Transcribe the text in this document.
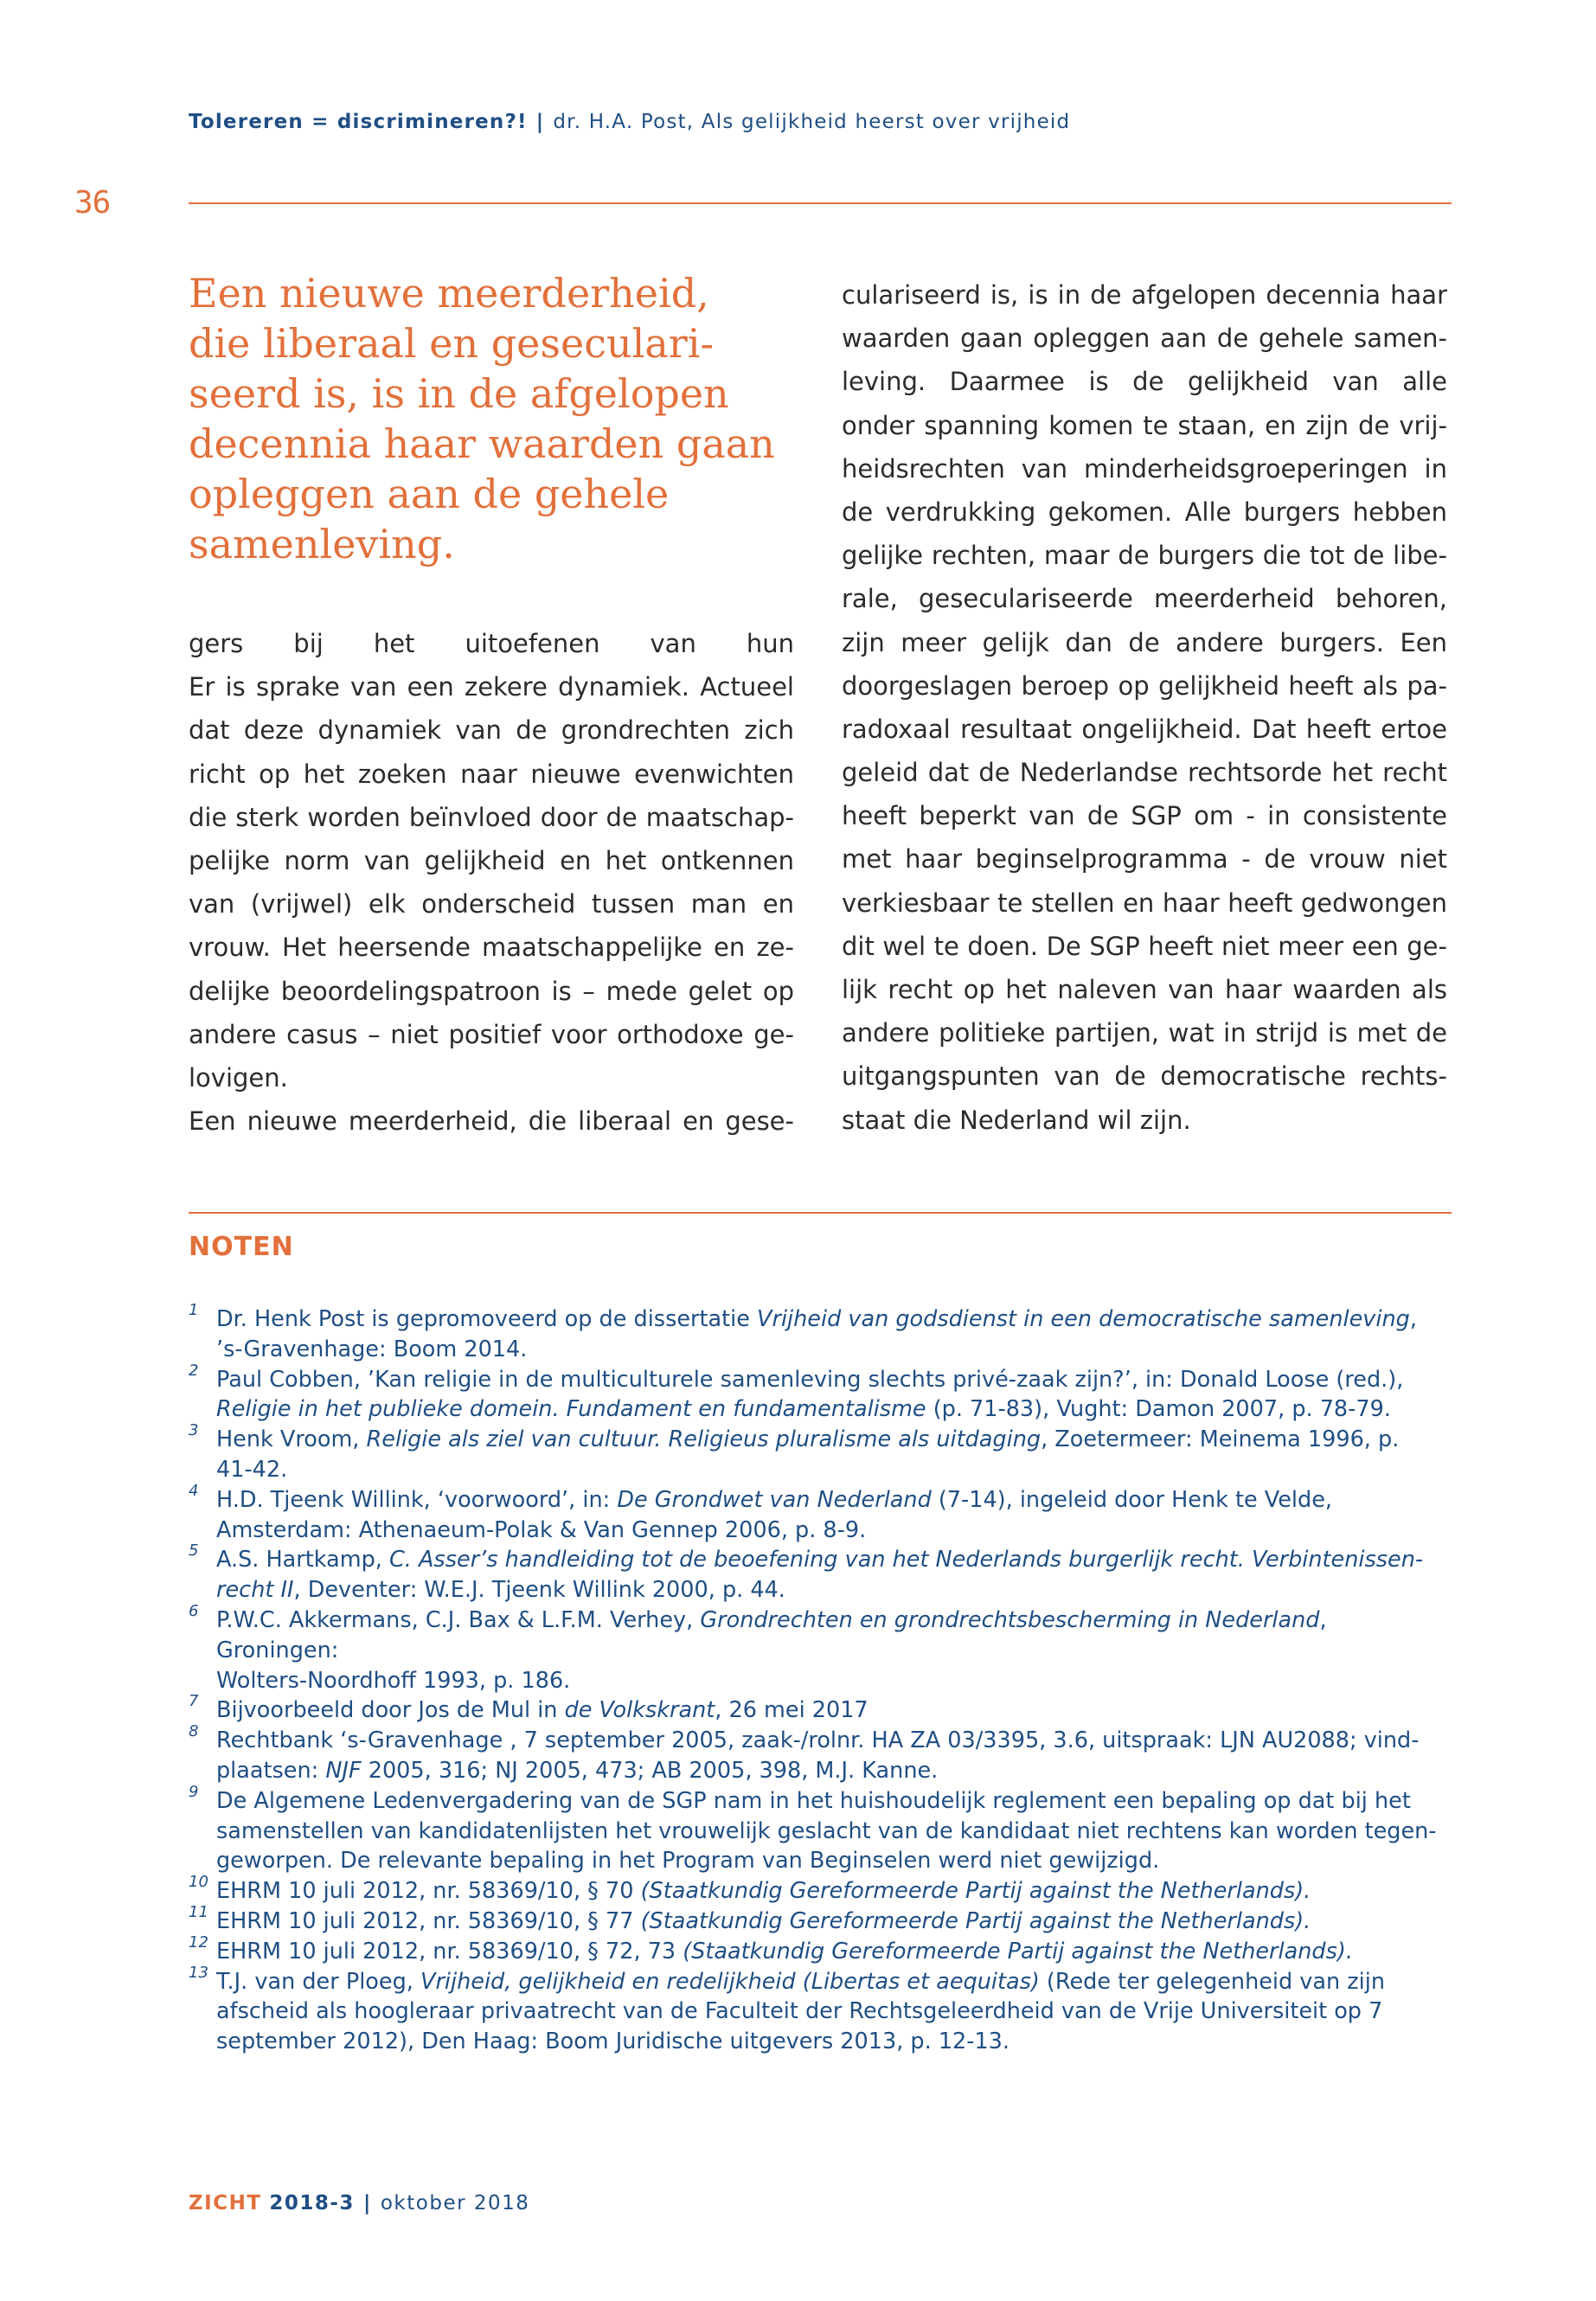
Tolereren = discrimineren?! | dr. H.A. Post, Als gelijkheid heerst over vrijheid
36
Een nieuwe meerderheid,
die liberaal en geseculari-
seerd is, is in de afgelopen
decennia haar waarden gaan
opleggen aan de gehele
samenleving.
gers bij het uitoefenen van hun
Er is sprake van een zekere dynamiek. Actueel
dat deze dynamiek van de grondrechten zich
richt op het zoeken naar nieuwe evenwichten
die sterk worden beïnvloed door de maatschap-
pelijke norm van gelijkheid en het ontkennen
van (vrijwel) elk onderscheid tussen man en
vrouw. Het heersende maatschappelijke en ze-
delijke beoordelingspatroon is – mede gelet op
andere casus – niet positief voor orthodoxe ge-
lovigen.
Een nieuwe meerderheid, die liberaal en gese-
culariseerd is, is in de afgelopen decennia haar
waarden gaan opleggen aan de gehele samen-
leving. Daarmee is de gelijkheid van alle
onder spanning komen te staan, en zijn de vrij-
heidsrechten van minderheidsgroeperingen in
de verdrukking gekomen. Alle burgers hebben
gelijke rechten, maar de burgers die tot de libe-
rale, geseculariseerde meerderheid behoren,
zijn meer gelijk dan de andere burgers. Een
doorgeslagen beroep op gelijkheid heeft als pa-
radoxaal resultaat ongelijkheid. Dat heeft ertoe
geleid dat de Nederlandse rechtsorde het recht
heeft beperkt van de SGP om - in consistente
met haar beginselprogramma - de vrouw niet
verkiesbaar te stellen en haar heeft gedwongen
dit wel te doen. De SGP heeft niet meer een ge-
lijk recht op het naleven van haar waarden als
andere politieke partijen, wat in strijd is met de
uitgangspunten van de democratische rechts-
staat die Nederland wil zijn.
NOTEN
1 Dr. Henk Post is gepromoveerd op de dissertatie Vrijheid van godsdienst in een democratische samenleving,
’s-Gravenhage: Boom 2014.
2 Paul Cobben, ’Kan religie in de multiculturele samenleving slechts privé-zaak zijn?’, in: Donald Loose (red.),
Religie in het publieke domein. Fundament en fundamentalisme (p. 71-83), Vught: Damon 2007, p. 78-79.
3 Henk Vroom, Religie als ziel van cultuur. Religieus pluralisme als uitdaging, Zoetermeer: Meinema 1996, p.
41-42.
4 H.D. Tjeenk Willink, ‘voorwoord’, in: De Grondwet van Nederland (7-14), ingeleid door Henk te Velde,
Amsterdam: Athenaeum-Polak & Van Gennep 2006, p. 8-9.
5 A.S. Hartkamp, C. Asser’s handleiding tot de beoefening van het Nederlands burgerlijk recht. Verbintenissen-
recht II, Deventer: W.E.J. Tjeenk Willink 2000, p. 44.
6 P.W.C. Akkermans, C.J. Bax & L.F.M. Verhey, Grondrechten en grondrechtsbescherming in Nederland, Groningen:
Wolters-Noordhoff 1993, p. 186.
7 Bijvoorbeeld door Jos de Mul in de Volkskrant, 26 mei 2017
8 Rechtbank ‘s-Gravenhage , 7 september 2005, zaak-/rolnr. HA ZA 03/3395, 3.6, uitspraak: LJN AU2088; vind-
plaatsen: NJF 2005, 316; NJ 2005, 473; AB 2005, 398, M.J. Kanne.
9 De Algemene Ledenvergadering van de SGP nam in het huishoudelijk reglement een bepaling op dat bij het
samenstellen van kandidatenlijsten het vrouwelijk geslacht van de kandidaat niet rechtens kan worden tegen-
geworpen. De relevante bepaling in het Program van Beginselen werd niet gewijzigd.
10 EHRM 10 juli 2012, nr. 58369/10, § 70 (Staatkundig Gereformeerde Partij against the Netherlands).
11 EHRM 10 juli 2012, nr. 58369/10, § 77 (Staatkundig Gereformeerde Partij against the Netherlands).
12 EHRM 10 juli 2012, nr. 58369/10, § 72, 73 (Staatkundig Gereformeerde Partij against the Netherlands).
13 T.J. van der Ploeg, Vrijheid, gelijkheid en redelijkheid (Libertas et aequitas) (Rede ter gelegenheid van zijn
afscheid als hoogleraar privaatrecht van de Faculteit der Rechtsgeleerdheid van de Vrije Universiteit op 7
september 2012), Den Haag: Boom Juridische uitgevers 2013, p. 12-13.
ZICHT 2018-3 | oktober 2018
